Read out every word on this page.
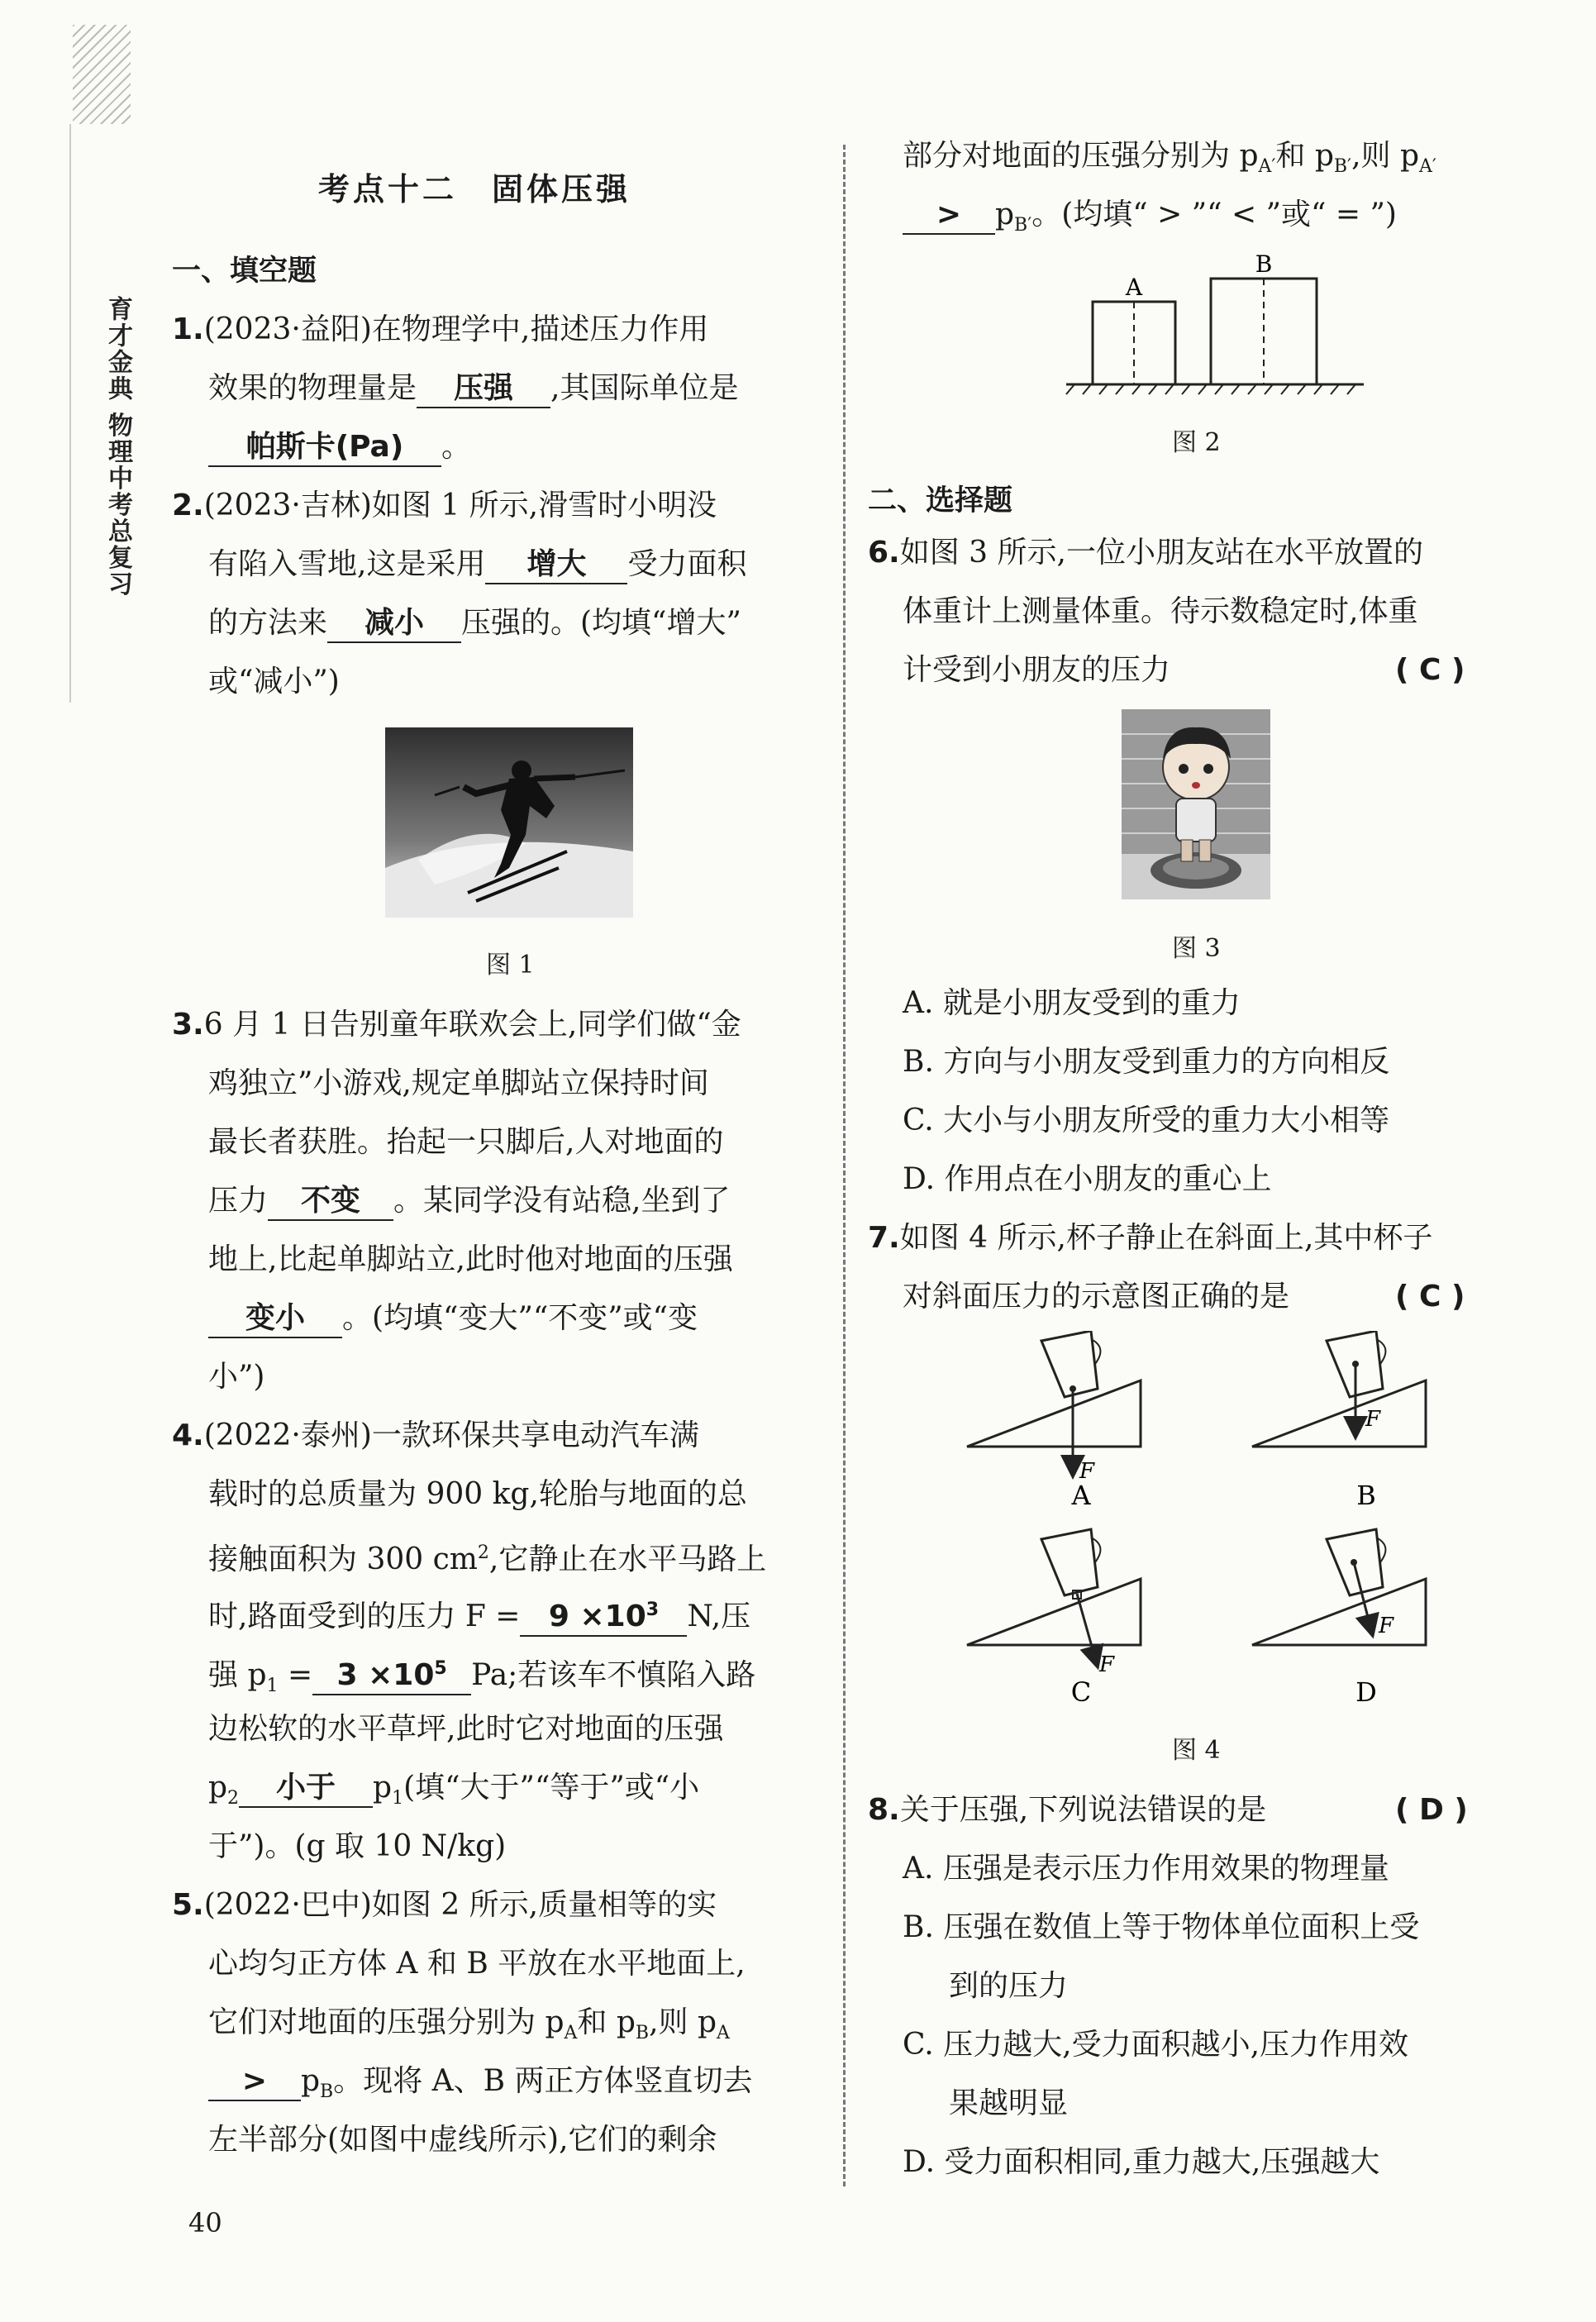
育才金典 物理中考总复习
考点十二　固体压强
一、填空题
1.(2023·益阳)在物理学中,描述压力作用
效果的物理量是 压强 ,其国际单位是
帕斯卡(Pa) 。
2.(2023·吉林)如图 1 所示,滑雪时小明没
有陷入雪地,这是采用 增大 受力面积
的方法来 减小 压强的。(均填“增大”
或“减小”)
图 1
3.6 月 1 日告别童年联欢会上,同学们做“金
鸡独立”小游戏,规定单脚站立保持时间
最长者获胜。抬起一只脚后,人对地面的
压力 不变 。某同学没有站稳,坐到了
地上,比起单脚站立,此时他对地面的压强
变小 。(均填“变大”“不变”或“变
小”)
4.(2022·泰州)一款环保共享电动汽车满
载时的总质量为 900 kg,轮胎与地面的总
接触面积为 300 $cm^2$,它静止在水平马路上
时,路面受到的压力 $F = 9 \times 10^3$ N,压
强 $p_1 = 3 \times 10^5$ Pa;若该车不慎陷入路
边松软的水平草坪,此时它对地面的压强
$p_2$ 小于 $p_1$(填“大于”“等于”或“小
于”)。(g 取 10 N/kg)
5.(2022·巴中)如图 2 所示,质量相等的实
心均匀正方体 A 和 B 平放在水平地面上,
它们对地面的压强分别为 $p_A$和 $p_B$,则 $p_A$
> $p_B$。现将 A、B 两正方体竖直切去
左半部分(如图中虚线所示),它们的剩余
40
部分对地面的压强分别为 $p_{A'}$和 $p_{B'}$,则 $p_{A'}$
> $p_{B'}$。(均填“ > ”“ < ”或“ = ”)
A
B
图 2
二、选择题
6.如图 3 所示,一位小朋友站在水平放置的
体重计上测量体重。待示数稳定时,体重
计受到小朋友的压力	( C )
图 3
A. 就是小朋友受到的重力
B. 方向与小朋友受到重力的方向相反
C. 大小与小朋友所受的重力大小相等
D. 作用点在小朋友的重心上
7.如图 4 所示,杯子静止在斜面上,其中杯子
对斜面压力的示意图正确的是	( C )
F
A
F
B
F
C
F
D
图 4
8.关于压强,下列说法错误的是	( D )
A. 压强是表示压力作用效果的物理量
B. 压强在数值上等于物体单位面积上受
到的压力
C. 压力越大,受力面积越小,压力作用效
果越明显
D. 受力面积相同,重力越大,压强越大
